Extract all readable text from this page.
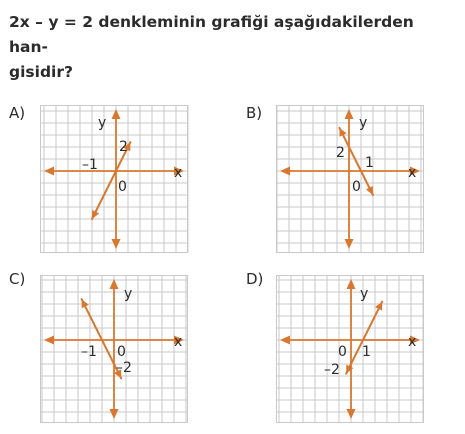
2x – y = 2 denkleminin grafiği aşağıdakilerden han-
gisidir?
A)
y
x
0
–1
2
B)
y
x
0
2
1
C)
y
x
0
–1
–2
D)
y
x
0 1
–2
